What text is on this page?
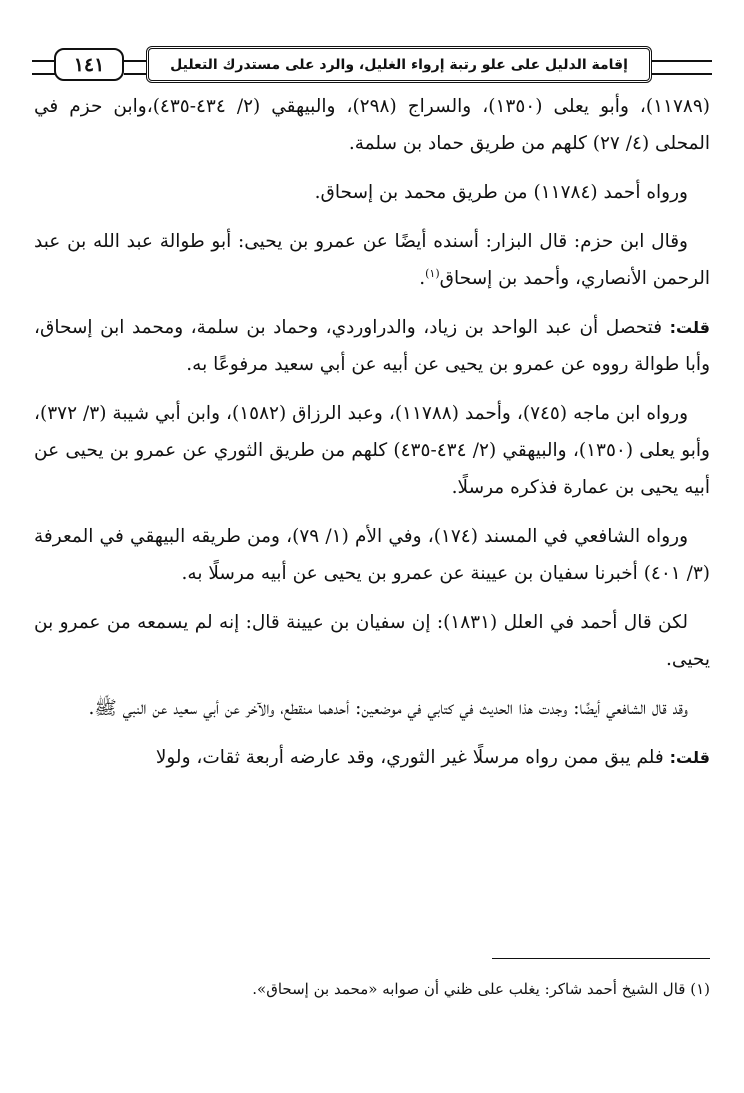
١٤١	إقامة الدليل على علو رتبة إرواء الغليل، والرد على مستدرك التعليل

(١١٧٨٩)، وأبو يعلى (١٣٥٠)، والسراج (٢٩٨)، والبيهقي (٢/ ٤٣٤-٤٣٥)،وابن حزم في المحلى (٤/ ٢٧) كلهم من طريق حماد بن سلمة.

ورواه أحمد (١١٧٨٤) من طريق محمد بن إسحاق.

وقال ابن حزم: قال البزار: أسنده أيضًا عن عمرو بن يحيى: أبو طوالة عبد الله بن عبد الرحمن الأنصاري، وأحمد بن إسحاق$^{(١)}$.

قلت: فتحصل أن عبد الواحد بن زياد، والدراوردي، وحماد بن سلمة، ومحمد ابن إسحاق، وأبا طوالة رووه عن عمرو بن يحيى عن أبيه عن أبي سعيد مرفوعًا به.

ورواه ابن ماجه (٧٤٥)، وأحمد (١١٧٨٨)، وعبد الرزاق (١٥٨٢)، وابن أبي شيبة (٣/ ٣٧٢)، وأبو يعلى (١٣٥٠)، والبيهقي (٢/ ٤٣٤-٤٣٥) كلهم من طريق الثوري عن عمرو بن يحيى عن أبيه يحيى بن عمارة فذكره مرسلًا.

ورواه الشافعي في المسند (١٧٤)، وفي الأم (١/ ٧٩)، ومن طريقه البيهقي في المعرفة (٣/ ٤٠١) أخبرنا سفيان بن عيينة عن عمرو بن يحيى عن أبيه مرسلًا به.

لكن قال أحمد في العلل (١٨٣١): إن سفيان بن عيينة قال: إنه لم يسمعه من عمرو بن يحيى.

وقد قال الشافعي أيضًا: وجدت هذا الحديث في كتابي في موضعين: أحدهما منقطع، والآخر عن أبي سعيد عن النبي ﷺ.

قلت: فلم يبق ممن رواه مرسلًا غير الثوري، وقد عارضه أربعة ثقات، ولولا

(١) قال الشيخ أحمد شاكر: يغلب على ظني أن صوابه «محمد بن إسحاق».
